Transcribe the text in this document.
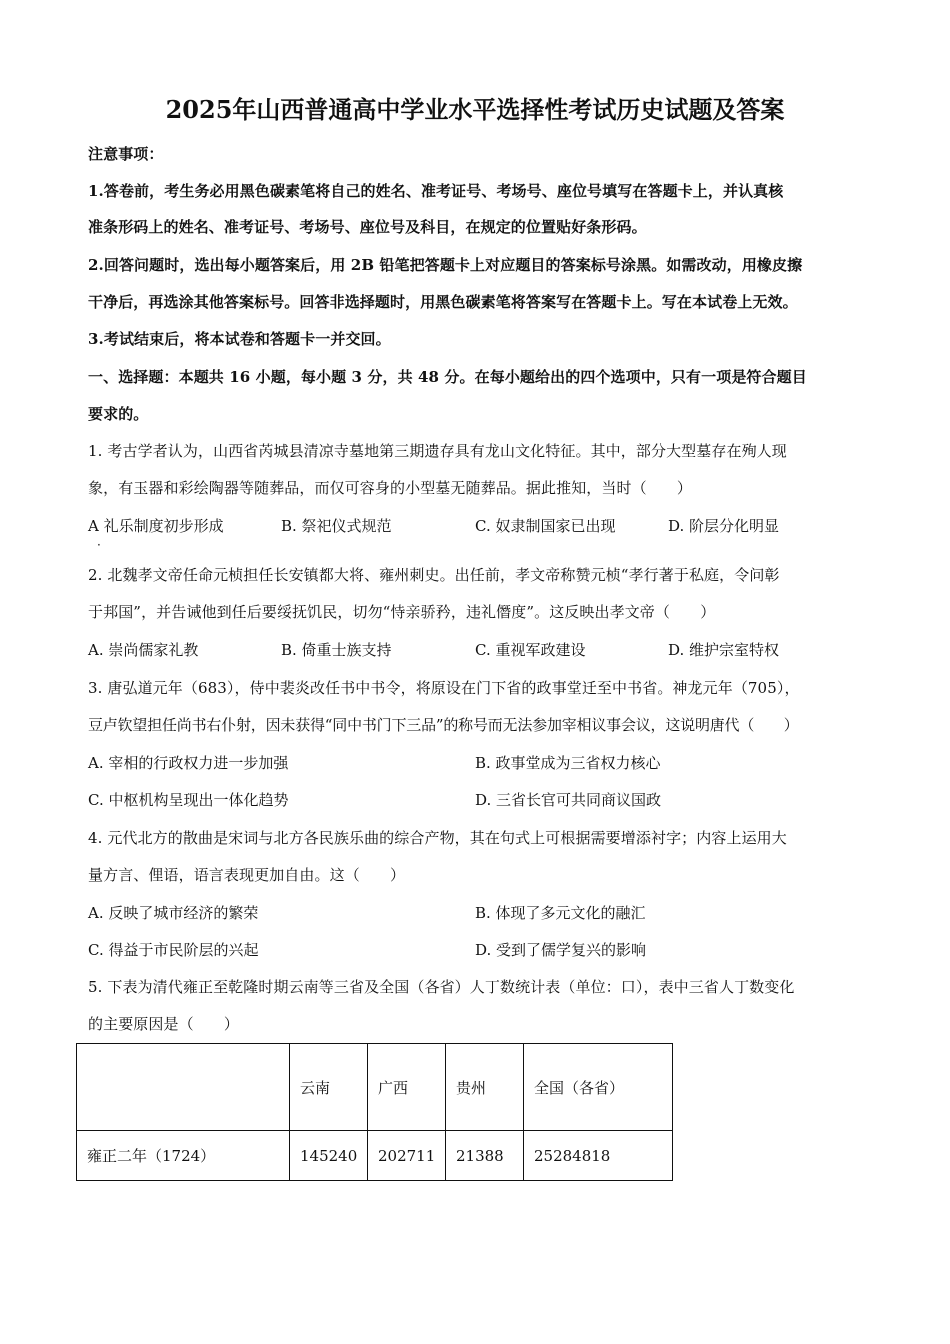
2025年山西普通高中学业水平选择性考试历史试题及答案
注意事项：
1.答卷前，考生务必用黑色碳素笔将自己的姓名、准考证号、考场号、座位号填写在答题卡上，并认真核
准条形码上的姓名、准考证号、考场号、座位号及科目，在规定的位置贴好条形码。
2.回答问题时，选出每小题答案后，用 2B 铅笔把答题卡上对应题目的答案标号涂黑。如需改动，用橡皮擦
干净后，再选涂其他答案标号。回答非选择题时，用黑色碳素笔将答案写在答题卡上。写在本试卷上无效。
3.考试结束后，将本试卷和答题卡一并交回。
一、选择题：本题共 16 小题，每小题 3 分，共 48 分。在每小题给出的四个选项中，只有一项是符合题目
要求的。
1. 考古学者认为，山西省芮城县清凉寺墓地第三期遗存具有龙山文化特征。其中，部分大型墓存在殉人现
象，有玉器和彩绘陶器等随葬品，而仅可容身的小型墓无随葬品。据此推知，当时（　　）
A 礼乐制度初步形成	B. 祭祀仪式规范	C. 奴隶制国家已出现	D. 阶层分化明显
·
2. 北魏孝文帝任命元桢担任长安镇都大将、雍州刺史。出任前，孝文帝称赞元桢“孝行著于私庭，令问彰
于邦国”，并告诫他到任后要绥抚饥民，切勿“恃亲骄矜，违礼僭度”。这反映出孝文帝（　　）
A. 崇尚儒家礼教	B. 倚重士族支持	C. 重视军政建设	D. 维护宗室特权
3. 唐弘道元年（683），侍中裴炎改任书中书令，将原设在门下省的政事堂迁至中书省。神龙元年（705），
豆卢钦望担任尚书右仆射，因未获得“同中书门下三品”的称号而无法参加宰相议事会议，这说明唐代（　　）
A. 宰相的行政权力进一步加强	B. 政事堂成为三省权力核心
C. 中枢机构呈现出一体化趋势	D. 三省长官可共同商议国政
4. 元代北方的散曲是宋词与北方各民族乐曲的综合产物，其在句式上可根据需要增添衬字；内容上运用大
量方言、俚语，语言表现更加自由。这（　　）
A. 反映了城市经济的繁荣	B. 体现了多元文化的融汇
C. 得益于市民阶层的兴起	D. 受到了儒学复兴的影响
5. 下表为清代雍正至乾隆时期云南等三省及全国（各省）人丁数统计表（单位：口），表中三省人丁数变化
的主要原因是（　　）
	云南	广西	贵州	全国（各省）
雍正二年（1724）	145240	202711	21388	25284818
